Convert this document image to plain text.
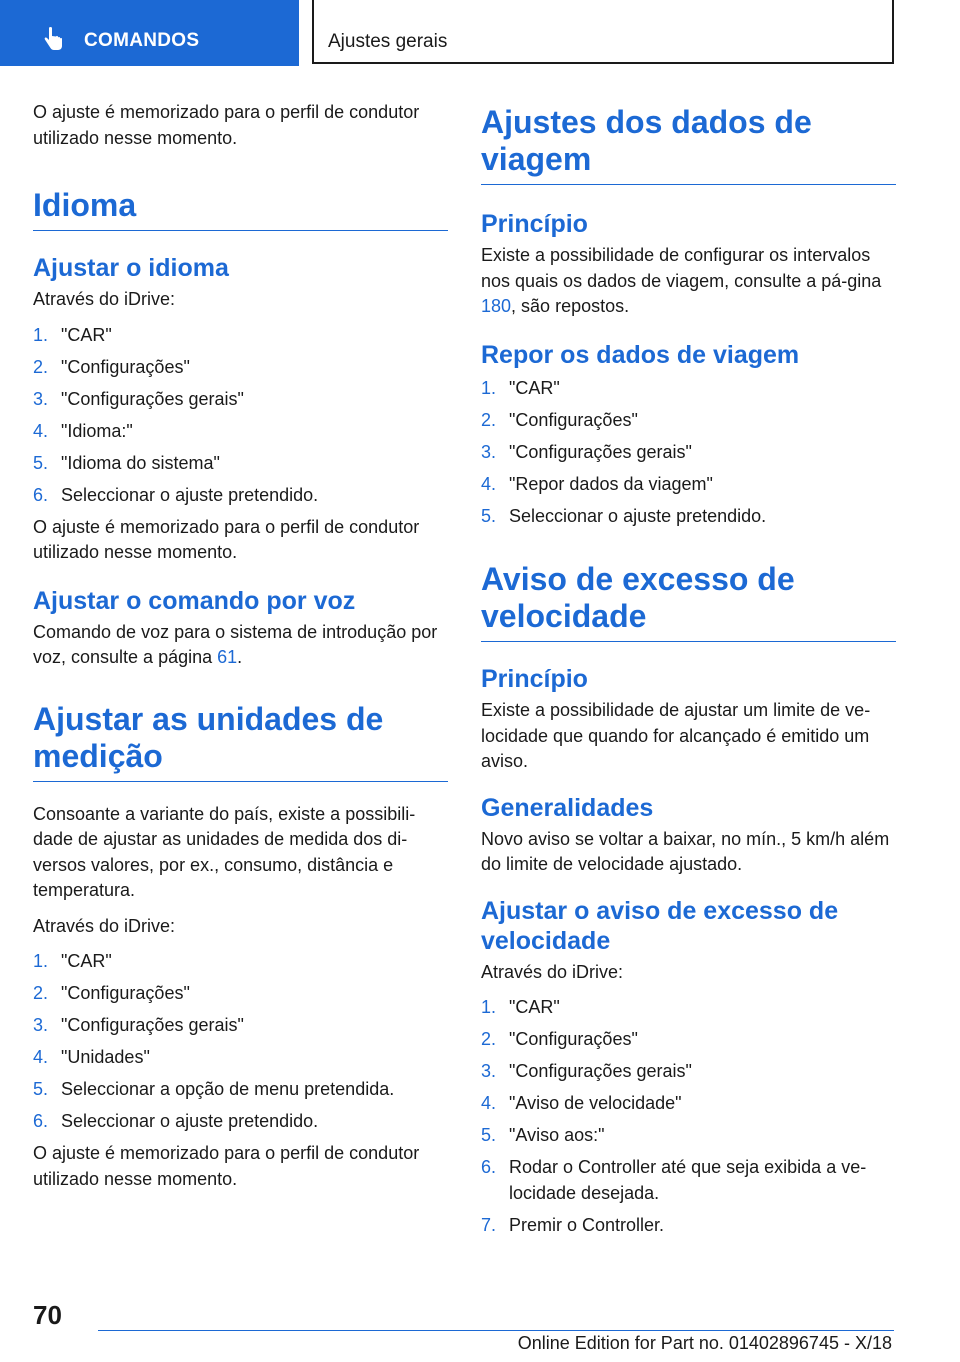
COMANDOS	Ajustes gerais

O ajuste é memorizado para o perfil de condutor utilizado nesse momento.

Idioma
Ajustar o idioma

Através do iDrive:

1. "CAR"
2. "Configurações"
3. "Configurações gerais"
4. "Idioma:"
5. "Idioma do sistema"
6. Seleccionar o ajuste pretendido.

O ajuste é memorizado para o perfil de condutor utilizado nesse momento.

Ajustar o comando por voz

Comando de voz para o sistema de introdução por voz, consulte a página 61.

Ajustar as unidades de medição

Consoante a variante do país, existe a possibili-dade de ajustar as unidades de medida dos di-versos valores, por ex., consumo, distância e temperatura.

Através do iDrive:

1. "CAR"
2. "Configurações"
3. "Configurações gerais"
4. "Unidades"
5. Seleccionar a opção de menu pretendida.
6. Seleccionar o ajuste pretendido.

O ajuste é memorizado para o perfil de condutor utilizado nesse momento.

Ajustes dos dados de viagem
Princípio

Existe a possibilidade de configurar os intervalos nos quais os dados de viagem, consulte a pá-gina 180, são repostos.

Repor os dados de viagem
1. "CAR"
2. "Configurações"
3. "Configurações gerais"
4. "Repor dados da viagem"
5. Seleccionar o ajuste pretendido.
Aviso de excesso de velocidade
Princípio

Existe a possibilidade de ajustar um limite de ve-locidade que quando for alcançado é emitido um aviso.

Generalidades

Novo aviso se voltar a baixar, no mín., 5 km/h além do limite de velocidade ajustado.

Ajustar o aviso de excesso de velocidade

Através do iDrive:

1. "CAR"
2. "Configurações"
3. "Configurações gerais"
4. "Aviso de velocidade"
5. "Aviso aos:"
6. Rodar o Controller até que seja exibida a ve-locidade desejada.
7. Premir o Controller.
70
Online Edition for Part no. 01402896745 - X/18
